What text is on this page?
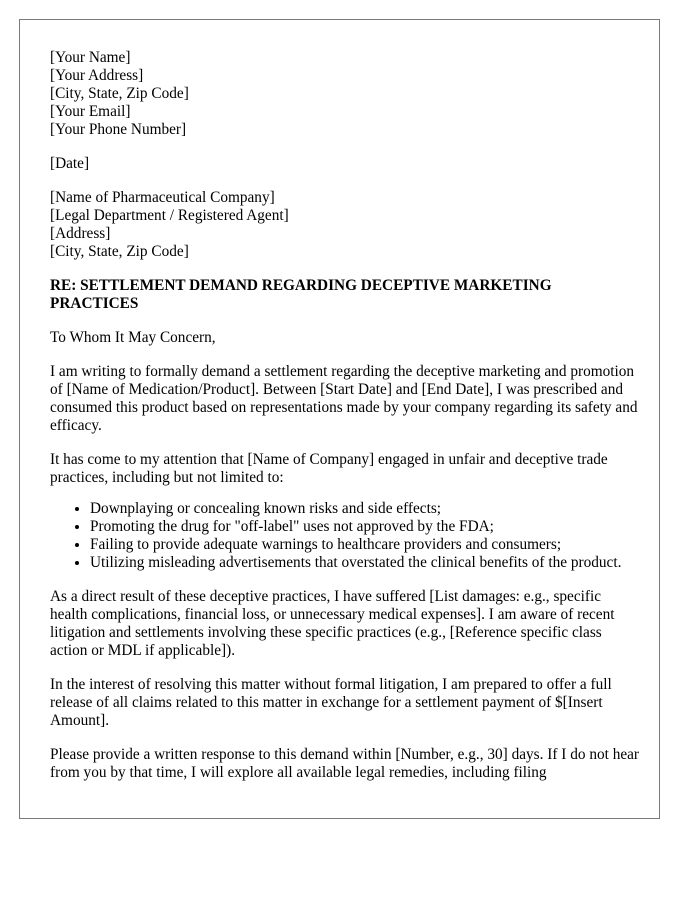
[Your Name]
[Your Address]
[City, State, Zip Code]
[Your Email]
[Your Phone Number]
[Date]
[Name of Pharmaceutical Company]
[Legal Department / Registered Agent]
[Address]
[City, State, Zip Code]
RE: SETTLEMENT DEMAND REGARDING DECEPTIVE MARKETING PRACTICES

To Whom It May Concern,

I am writing to formally demand a settlement regarding the deceptive marketing and promotion of [Name of Medication/Product]. Between [Start Date] and [End Date], I was prescribed and consumed this product based on representations made by your company regarding its safety and efficacy.

It has come to my attention that [Name of Company] engaged in unfair and deceptive trade practices, including but not limited to:

• Downplaying or concealing known risks and side effects;
• Promoting the drug for "off-label" uses not approved by the FDA;
• Failing to provide adequate warnings to healthcare providers and consumers;
• Utilizing misleading advertisements that overstated the clinical benefits of the product.

As a direct result of these deceptive practices, I have suffered [List damages: e.g., specific health complications, financial loss, or unnecessary medical expenses]. I am aware of recent litigation and settlements involving these specific practices (e.g., [Reference specific class action or MDL if applicable]).

In the interest of resolving this matter without formal litigation, I am prepared to offer a full release of all claims related to this matter in exchange for a settlement payment of $[Insert Amount].

Please provide a written response to this demand within [Number, e.g., 30] days. If I do not hear from you by that time, I will explore all available legal remedies, including filing
